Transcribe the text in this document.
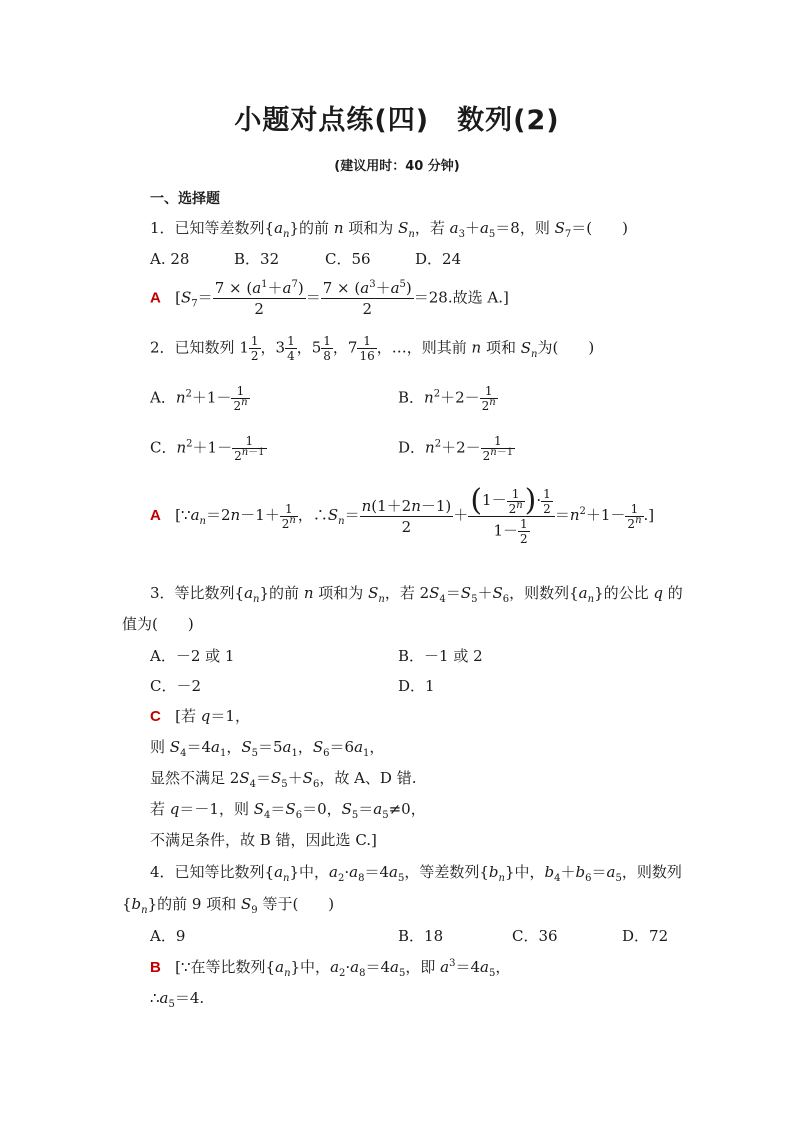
小题对点练(四) 数列(2)
(建议用时：40 分钟)
一、选择题
1．已知等差数列$\{a_n\}$的前 n 项和为 $S_n$，若 $a_3+a_5=8$，则 $S_7=$(　　)
A. 28	B．32	C．56	D．24
A [$S_7= \frac{7 \times (a^1+a^7)}{2} = \frac{7 \times (a^3+a^5)}{2} =28$.故选 A.]
2．已知数列 $1 \frac{1}{2}$ ，$3 \frac{1}{4}$ ，$5 \frac{1}{8}$ ，$7 \frac{1}{16}$ ，…，则其前 n 项和 $S_n$为(　　)
A．$n^2+1- \frac{1}{2^n}$	B．$n^2+2- \frac{1}{2^n}$
C．$n^2+1- \frac{1}{2^{n-1}}$	D．$n^2+2- \frac{1}{2^{n-1}}$
A [$\because a_n=2n-1+ \frac{1}{2^n}$ ，$\therefore S_n= \frac{n(1+2n-1)}{2} + \frac{(1- \frac{1}{2^n} )\cdot \frac{1}{2}}{1- \frac{1}{2}} =n^2+1- \frac{1}{2^n}$ .]
3．等比数列$\{a_n\}$的前 n 项和为 $S_n$，若 $2S_4=S_5+S_6$，则数列$\{a_n\}$的公比 q 的
值为(　　)
A．－2 或 1	B．－1 或 2
C．－2	D．1
C [若 q＝1，
则 $S_4=4a_1$，$S_5=5a_1$，$S_6=6a_1$，
显然不满足 $2S_4=S_5+S_6$，故 A、D 错.
若 q＝－1，则 $S_4=S_6=0$，$S_5=a_5\ne 0$，
不满足条件，故 B 错，因此选 C.]
4．已知等比数列$\{a_n\}$中，$a_2\cdot a_8=4a_5$，等差数列$\{b_n\}$中，$b_4+b_6=a_5$，则数列
$\{b_n\}$的前 9 项和 $S_9$ 等于(　　)
A．9	B．18	C．36	D．72
B [∵在等比数列$\{a_n\}$中，$a_2\cdot a_8=4a_5$，即 $a^3=4a_5$，
$\therefore a_5=4$.
